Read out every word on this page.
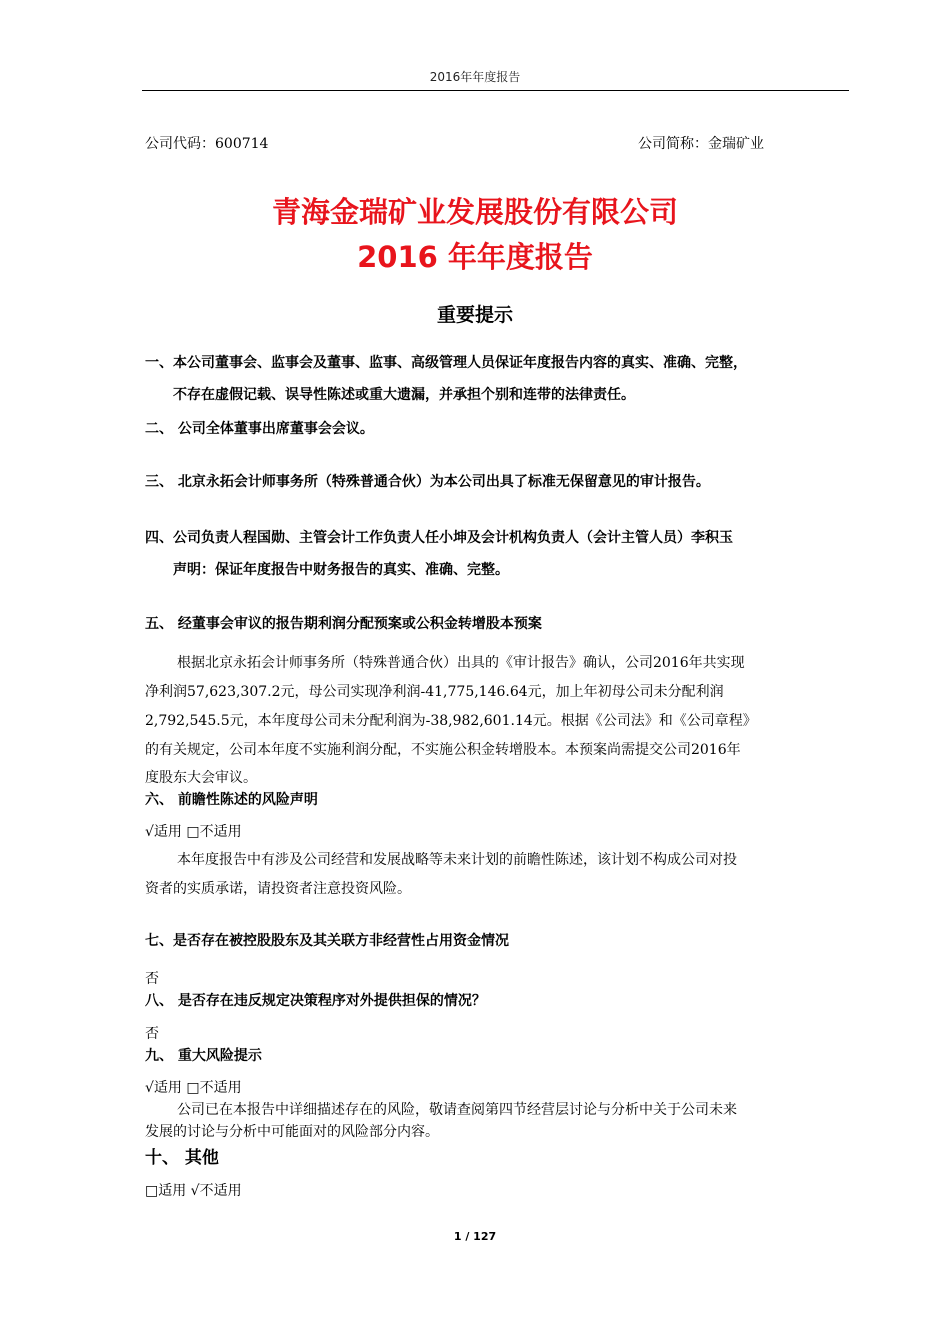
2016年年度报告
公司代码：600714	公司简称：金瑞矿业
青海金瑞矿业发展股份有限公司
2016 年年度报告
重要提示
一、本公司董事会、监事会及董事、监事、高级管理人员保证年度报告内容的真实、准确、完整，
不存在虚假记载、误导性陈述或重大遗漏，并承担个别和连带的法律责任。
二、 公司全体董事出席董事会会议。
三、 北京永拓会计师事务所（特殊普通合伙）为本公司出具了标准无保留意见的审计报告。
四、公司负责人程国勋、主管会计工作负责人任小坤及会计机构负责人（会计主管人员）李积玉
声明：保证年度报告中财务报告的真实、准确、完整。
五、 经董事会审议的报告期利润分配预案或公积金转增股本预案
根据北京永拓会计师事务所（特殊普通合伙）出具的《审计报告》确认，公司2016年共实现
净利润57,623,307.2元，母公司实现净利润-41,775,146.64元，加上年初母公司未分配利润
2,792,545.5元，本年度母公司未分配利润为-38,982,601.14元。根据《公司法》和《公司章程》
的有关规定，公司本年度不实施利润分配，不实施公积金转增股本。本预案尚需提交公司2016年
度股东大会审议。
六、 前瞻性陈述的风险声明
√适用 □不适用
本年度报告中有涉及公司经营和发展战略等未来计划的前瞻性陈述，该计划不构成公司对投
资者的实质承诺，请投资者注意投资风险。
七、是否存在被控股股东及其关联方非经营性占用资金情况
否
八、 是否存在违反规定决策程序对外提供担保的情况？
否
九、 重大风险提示
√适用 □不适用
公司已在本报告中详细描述存在的风险，敬请查阅第四节经营层讨论与分析中关于公司未来
发展的讨论与分析中可能面对的风险部分内容。
十、 其他
□适用 √不适用
1 / 127
